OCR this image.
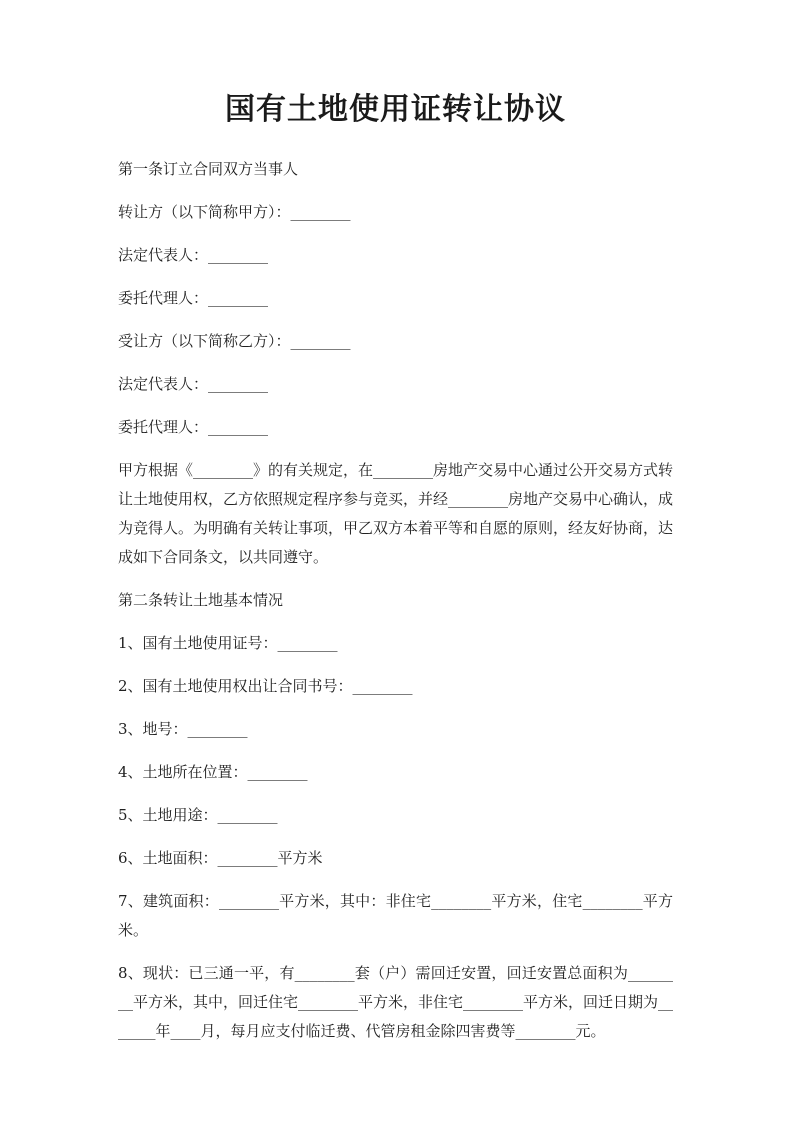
国有土地使用证转让协议

第一条订立合同双方当事人

转让方（以下简称甲方）：________

法定代表人：________

委托代理人：________

受让方（以下简称乙方）：________

法定代表人：________

委托代理人：________

甲方根据《________》的有关规定，在________房地产交易中心通过公开交易方式转让土地使用权，乙方依照规定程序参与竞买，并经________房地产交易中心确认，成为竞得人。为明确有关转让事项，甲乙双方本着平等和自愿的原则，经友好协商，达成如下合同条文，以共同遵守。

第二条转让土地基本情况

1、国有土地使用证号：________

2、国有土地使用权出让合同书号：________

3、地号：________

4、土地所在位置：________

5、土地用途：________

6、土地面积：________平方米

7、建筑面积：________平方米，其中：非住宅________平方米，住宅________平方米。

8、现状：已三通一平，有________套（户）需回迁安置，回迁安置总面积为________平方米，其中，回迁住宅________平方米，非住宅________平方米，回迁日期为_______年____月，每月应支付临迁费、代管房租金除四害费等________元。
